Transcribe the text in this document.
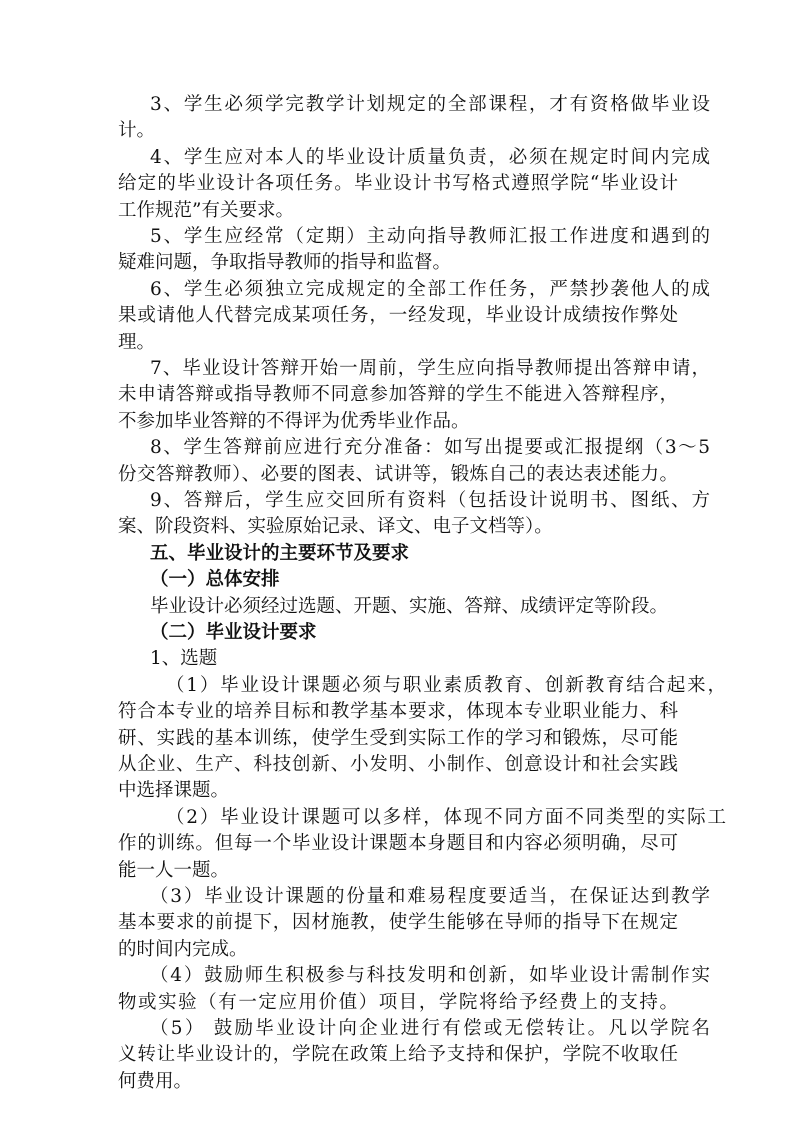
3、学生必须学完教学计划规定的全部课程，才有资格做毕业设
计。
4、学生应对本人的毕业设计质量负责，必须在规定时间内完成
给定的毕业设计各项任务。毕业设计书写格式遵照学院“毕业设计
工作规范”有关要求。
5、学生应经常（定期）主动向指导教师汇报工作进度和遇到的
疑难问题，争取指导教师的指导和监督。
6、学生必须独立完成规定的全部工作任务，严禁抄袭他人的成
果或请他人代替完成某项任务，一经发现，毕业设计成绩按作弊处
理。
7、毕业设计答辩开始一周前，学生应向指导教师提出答辩申请，
未申请答辩或指导教师不同意参加答辩的学生不能进入答辩程序，
不参加毕业答辩的不得评为优秀毕业作品。
8、学生答辩前应进行充分准备：如写出提要或汇报提纲（3～5
份交答辩教师）、必要的图表、试讲等，锻炼自己的表达表述能力。
9、答辩后，学生应交回所有资料（包括设计说明书、图纸、方
案、阶段资料、实验原始记录、译文、电子文档等）。
五、毕业设计的主要环节及要求
（一）总体安排
毕业设计必须经过选题、开题、实施、答辩、成绩评定等阶段。
（二）毕业设计要求
1、选题
（1）毕业设计课题必须与职业素质教育、创新教育结合起来，
符合本专业的培养目标和教学基本要求，体现本专业职业能力、科
研、实践的基本训练，使学生受到实际工作的学习和锻炼，尽可能
从企业、生产、科技创新、小发明、小制作、创意设计和社会实践
中选择课题。
（2）毕业设计课题可以多样，体现不同方面不同类型的实际工
作的训练。但每一个毕业设计课题本身题目和内容必须明确，尽可
能一人一题。
（3）毕业设计课题的份量和难易程度要适当，在保证达到教学
基本要求的前提下，因材施教，使学生能够在导师的指导下在规定
的时间内完成。
（4）鼓励师生积极参与科技发明和创新，如毕业设计需制作实
物或实验（有一定应用价值）项目，学院将给予经费上的支持。
（5） 鼓励毕业设计向企业进行有偿或无偿转让。凡以学院名
义转让毕业设计的，学院在政策上给予支持和保护，学院不收取任
何费用。
